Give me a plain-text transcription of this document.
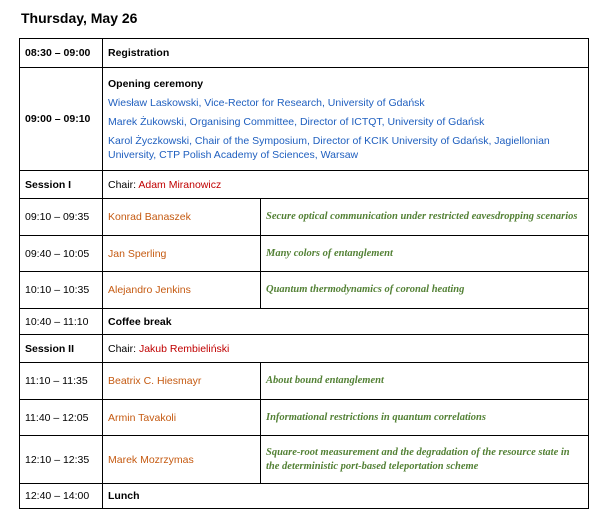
Thursday, May 26
08:30 – 09:00	Registration	
09:00 – 09:10	Opening ceremony
Wiesław Laskowski, Vice-Rector for Research, University of Gdańsk
Marek Żukowski, Organising Committee, Director of ICTQT, University of Gdańsk
Karol Życzkowski, Chair of the Symposium, Director of KCIK University of Gdańsk, Jagiellonian University, CTP Polish Academy of Sciences, Warsaw	

Session I	Chair: Adam Miranowicz	
09:10 – 09:35	Konrad Banaszek	Secure optical communication under restricted eavesdropping scenarios
09:40 – 10:05	Jan Sperling	Many colors of entanglement
10:10 – 10:35	Alejandro Jenkins	Quantum thermodynamics of coronal heating
10:40 – 11:10	Coffee break	
Session II	Chair: Jakub Rembieliński	
11:10 – 11:35	Beatrix C. Hiesmayr	About bound entanglement
11:40 – 12:05	Armin Tavakoli	Informational restrictions in quantum correlations
12:10 – 12:35	Marek Mozrzymas	Square-root measurement and the degradation of the resource state in the deterministic port-based teleportation scheme
12:40 – 14:00	Lunch	
